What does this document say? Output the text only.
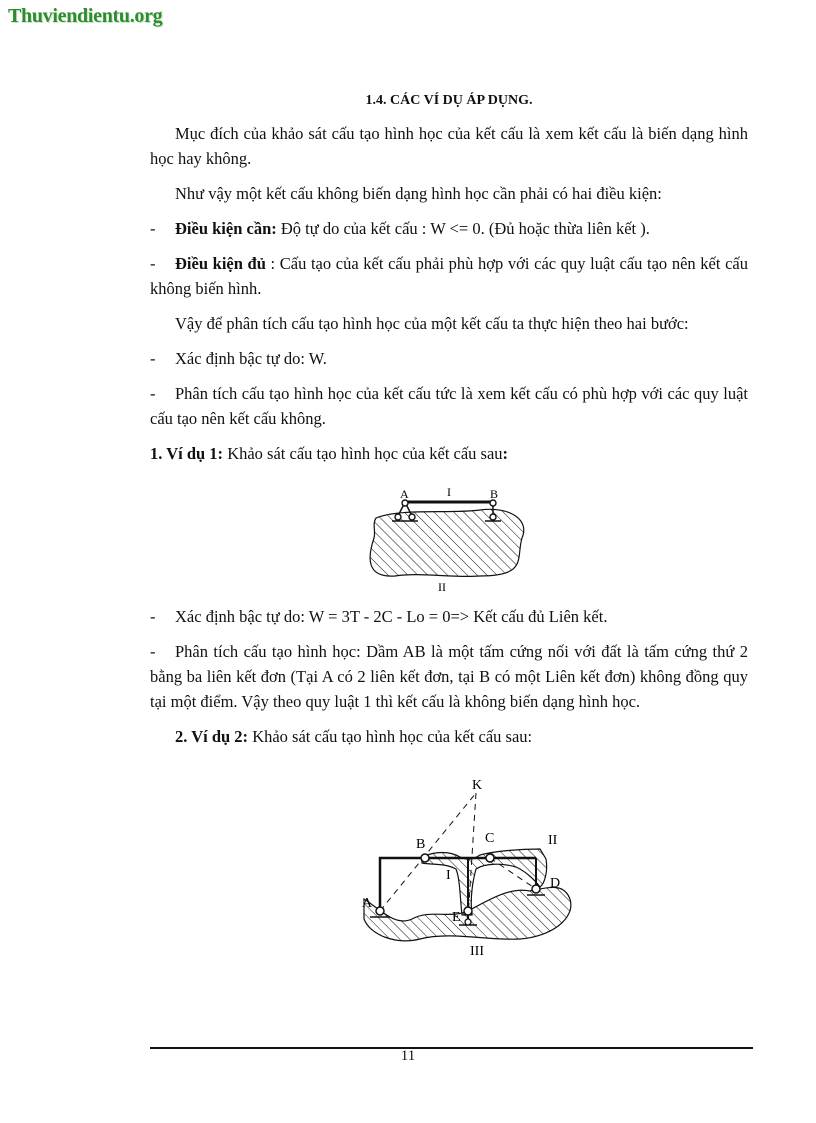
Thuviendientu.org
1.4. CÁC VÍ DỤ ÁP DỤNG.

Mục đích của khảo sát cấu tạo hình học của kết cấu là xem kết cấu là biến dạng hình học hay không.

Như vậy một kết cấu không biến dạng hình học cần phải có hai điều kiện:

- Điều kiện cần: Độ tự do của kết cấu : W <= 0. (Đủ hoặc thừa liên kết ).

- Điều kiện đủ : Cấu tạo của kết cấu phải phù hợp với các quy luật cấu tạo nên kết cấu không biến hình.

Vậy để phân tích cấu tạo hình học của một kết cấu ta thực hiện theo hai bước:

- Xác định bậc tự do: W.

- Phân tích cấu tạo hình học của kết cấu tức là xem kết cấu có phù hợp với các quy luật cấu tạo nên kết cấu không.

1. Ví dụ 1: Khảo sát cấu tạo hình học của kết cấu sau:

A	I	B
II

- Xác định bậc tự do: W = 3T - 2C - Lo = 0=> Kết cấu đủ Liên kết.

- Phân tích cấu tạo hình học: Dầm AB là một tấm cứng nối với đất là tấm cứng thứ 2 bằng ba liên kết đơn (Tại A có 2 liên kết đơn, tại B có một Liên kết đơn) không đồng quy tại một điểm. Vậy theo quy luật 1 thì kết cấu là không biến dạng hình học.

2. Ví dụ 2: Khảo sát cấu tạo hình học của kết cấu sau:

K
B	C	II
I
D
A
E
III
11
